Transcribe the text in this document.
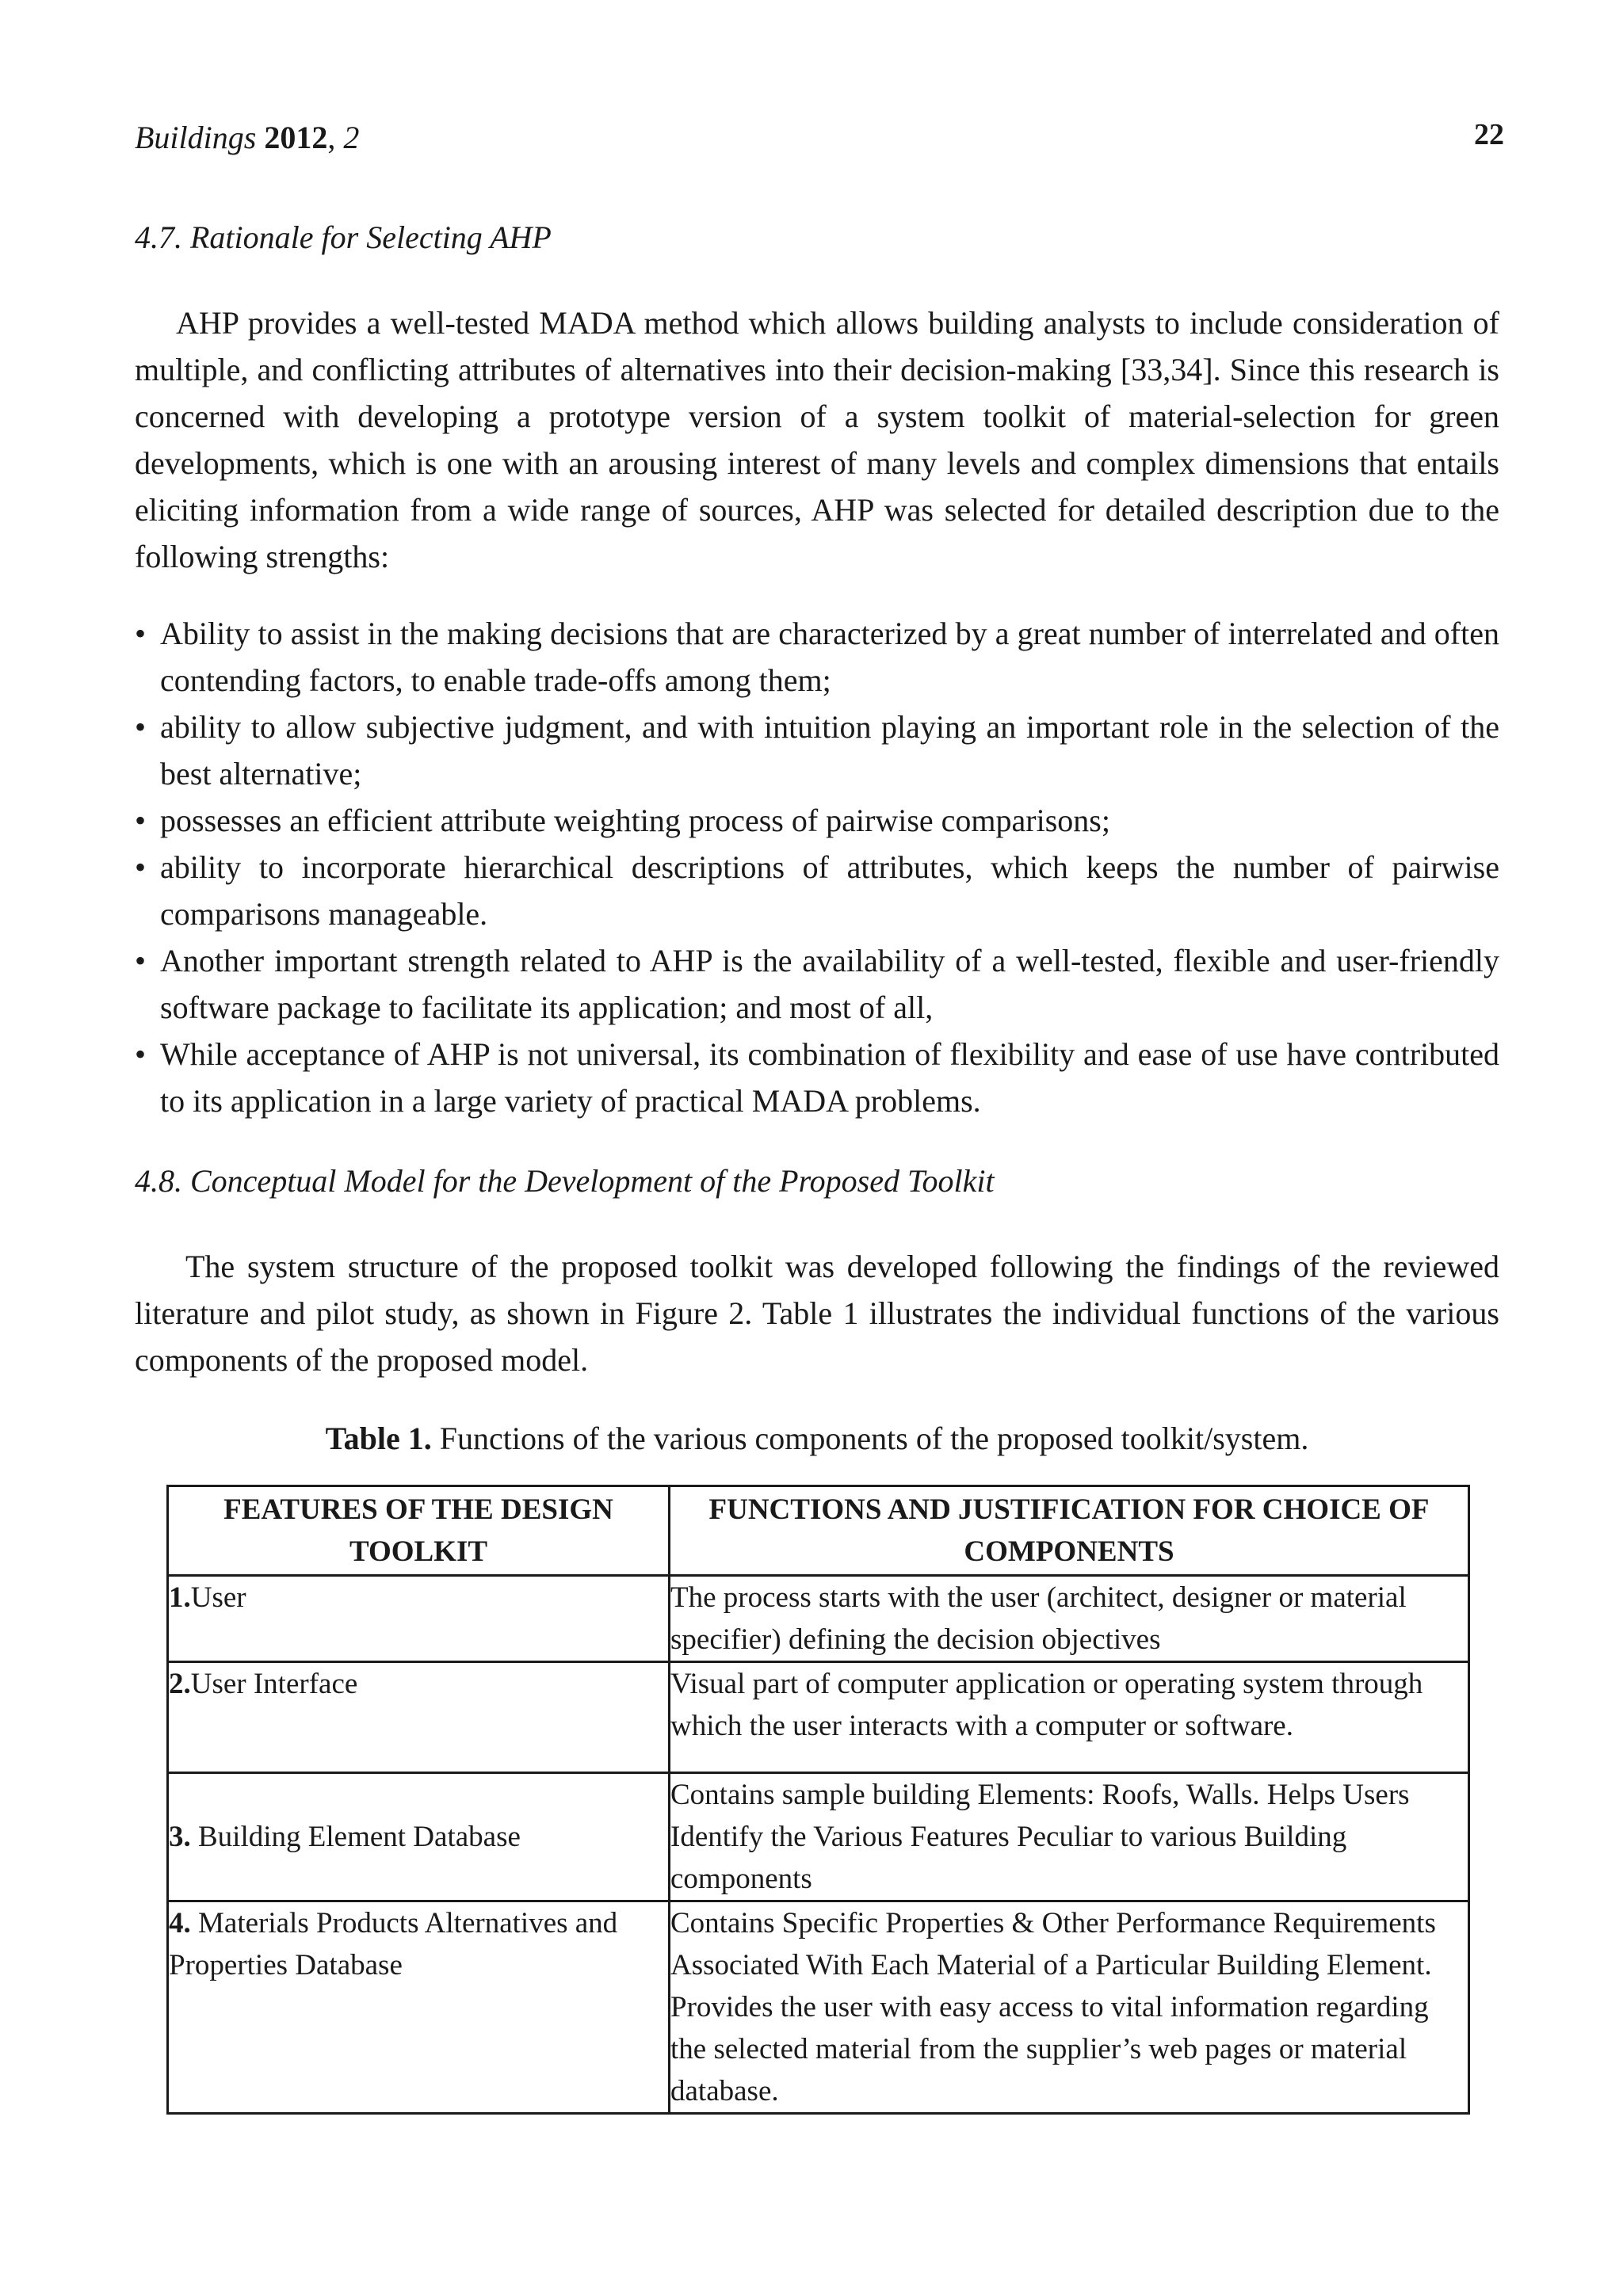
Buildings 2012, 2	22
4.7. Rationale for Selecting AHP

AHP provides a well-tested MADA method which allows building analysts to include consideration of multiple, and conflicting attributes of alternatives into their decision-making [33,34]. Since this research is concerned with developing a prototype version of a system toolkit of material-selection for green developments, which is one with an arousing interest of many levels and complex dimensions that entails eliciting information from a wide range of sources, AHP was selected for detailed description due to the following strengths:

• Ability to assist in the making decisions that are characterized by a great number of interrelated and often contending factors, to enable trade-offs among them;
• ability to allow subjective judgment, and with intuition playing an important role in the selection of the best alternative;
• possesses an efficient attribute weighting process of pairwise comparisons;
• ability to incorporate hierarchical descriptions of attributes, which keeps the number of pairwise comparisons manageable.
• Another important strength related to AHP is the availability of a well-tested, flexible and user-friendly software package to facilitate its application; and most of all,
• While acceptance of AHP is not universal, its combination of flexibility and ease of use have contributed to its application in a large variety of practical MADA problems.
4.8. Conceptual Model for the Development of the Proposed Toolkit

The system structure of the proposed toolkit was developed following the findings of the reviewed literature and pilot study, as shown in Figure 2. Table 1 illustrates the individual functions of the various components of the proposed model.

Table 1. Functions of the various components of the proposed toolkit/system.
FEATURES OF THE DESIGN TOOLKIT	FUNCTIONS AND JUSTIFICATION FOR CHOICE OF COMPONENTS
1.User	The process starts with the user (architect, designer or material specifier) defining the decision objectives
2.User Interface	Visual part of computer application or operating system through which the user interacts with a computer or software.
3. Building Element Database	Contains sample building Elements: Roofs, Walls. Helps Users Identify the Various Features Peculiar to various Building components
4. Materials Products Alternatives and Properties Database	Contains Specific Properties & Other Performance Requirements Associated With Each Material of a Particular Building Element. Provides the user with easy access to vital information regarding the selected material from the supplier’s web pages or material database.
